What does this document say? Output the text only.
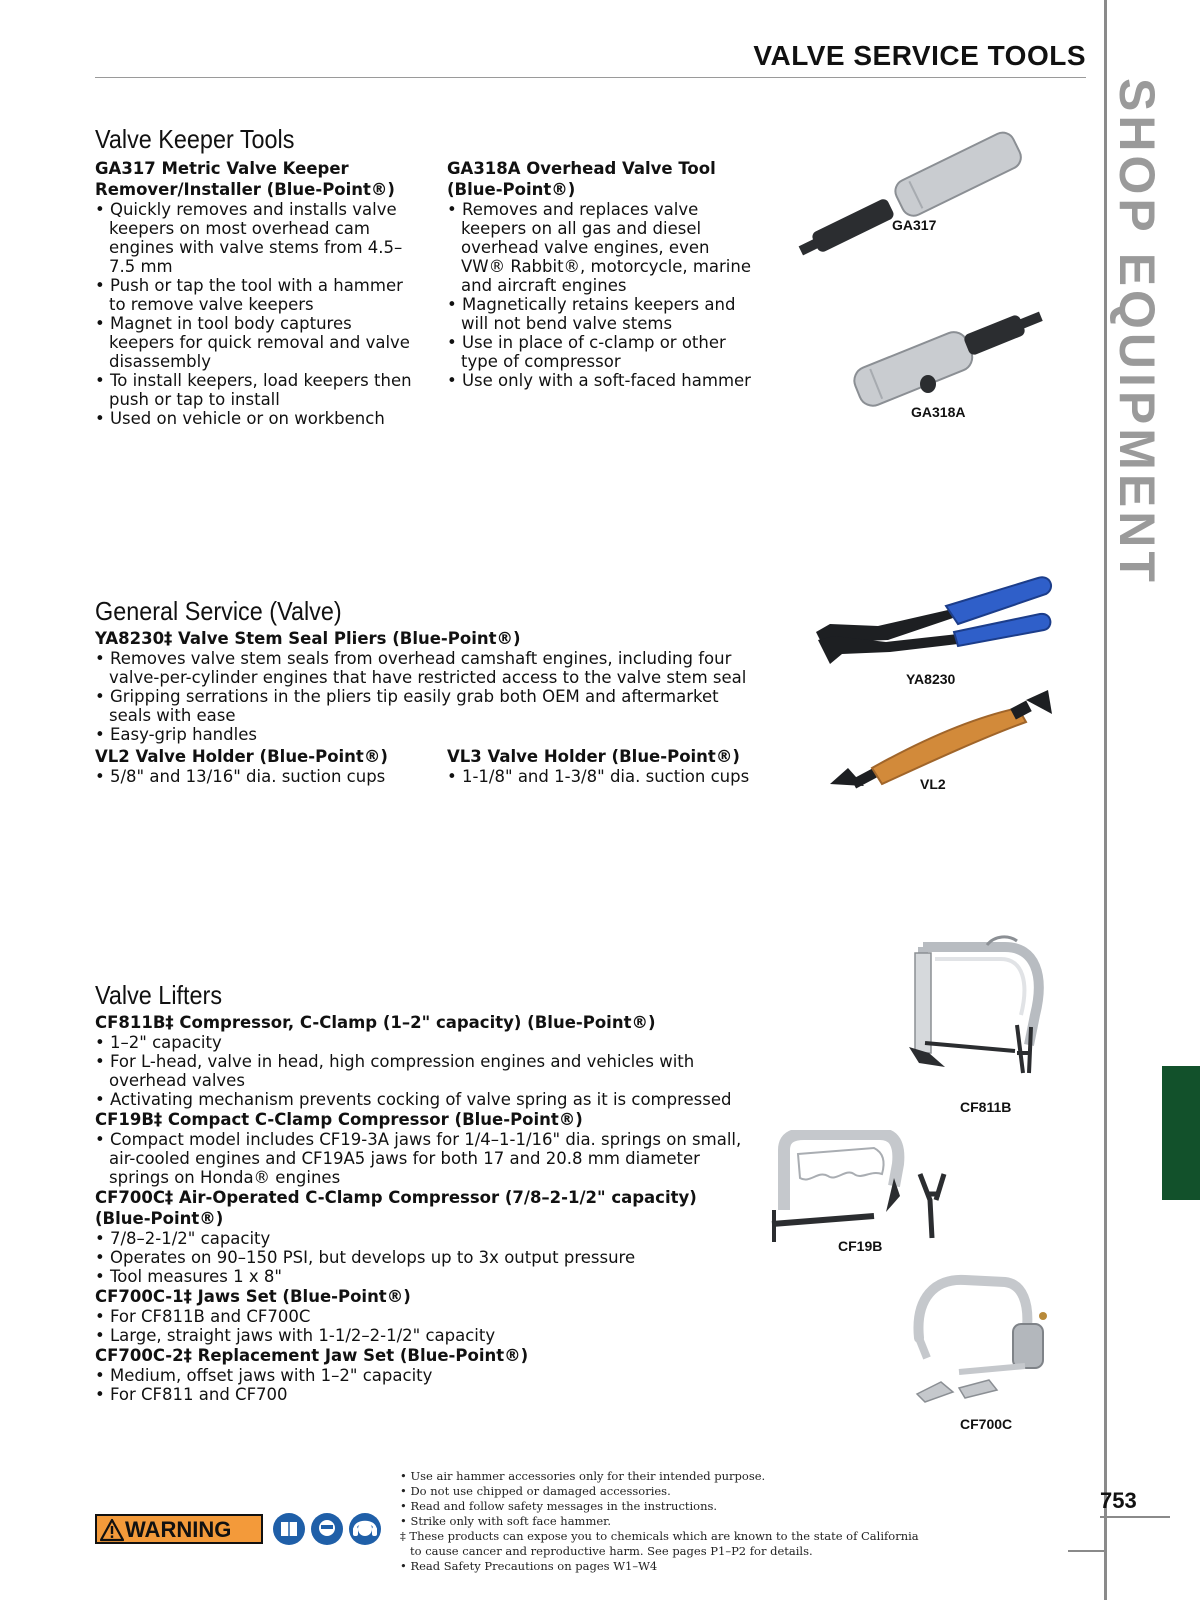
VALVE SERVICE TOOLS
SHOP EQUIPMENT
753
Valve Keeper Tools
GA317 Metric Valve Keeper
Remover/Installer (Blue-Point®)
• Quickly removes and installs valve keepers on most overhead cam engines with valve stems from 4.5–7.5 mm
• Push or tap the tool with a hammer to remove valve keepers
• Magnet in tool body captures keepers for quick removal and valve disassembly
• To install keepers, load keepers then push or tap to install
• Used on vehicle or on workbench
GA318A Overhead Valve Tool
(Blue-Point®)
• Removes and replaces valve keepers on all gas and diesel overhead valve engines, even VW® Rabbit®, motorcycle, marine and aircraft engines
• Magnetically retains keepers and will not bend valve stems
• Use in place of c-clamp or other type of compressor
• Use only with a soft-faced hammer
GA317
GA318A
General Service (Valve)
YA8230‡ Valve Stem Seal Pliers (Blue-Point®)
• Removes valve stem seals from overhead camshaft engines, including four valve-per-cylinder engines that have restricted access to the valve stem seal
• Gripping serrations in the pliers tip easily grab both OEM and aftermarket seals with ease
• Easy-grip handles
VL2 Valve Holder (Blue-Point®)
• 5/8" and 13/16" dia. suction cups
VL3 Valve Holder (Blue-Point®)
• 1-1/8" and 1-3/8" dia. suction cups
YA8230
VL2
Valve Lifters
CF811B‡ Compressor, C-Clamp (1–2" capacity) (Blue-Point®)
• 1–2" capacity
• For L-head, valve in head, high compression engines and vehicles with overhead valves
• Activating mechanism prevents cocking of valve spring as it is compressed
CF19B‡ Compact C-Clamp Compressor (Blue-Point®)
• Compact model includes CF19-3A jaws for 1/4–1-1/16" dia. springs on small, air-cooled engines and CF19A5 jaws for both 17 and 20.8 mm diameter springs on Honda® engines
CF700C‡ Air-Operated C-Clamp Compressor (7/8–2-1/2" capacity)
(Blue-Point®)
• 7/8–2-1/2" capacity
• Operates on 90–150 PSI, but develops up to 3x output pressure
• Tool measures 1 x 8"
CF700C-1‡ Jaws Set (Blue-Point®)
• For CF811B and CF700C
• Large, straight jaws with 1-1/2–2-1/2" capacity
CF700C-2‡ Replacement Jaw Set (Blue-Point®)
• Medium, offset jaws with 1–2" capacity
• For CF811 and CF700
CF811B
CF19B
CF700C
WARNING
• Use air hammer accessories only for their intended purpose.
• Do not use chipped or damaged accessories.
• Read and follow safety messages in the instructions.
• Strike only with soft face hammer.
‡ These products can expose you to chemicals which are known to the state of California to cause cancer and reproductive harm. See pages P1–P2 for details.
• Read Safety Precautions on pages W1–W4
